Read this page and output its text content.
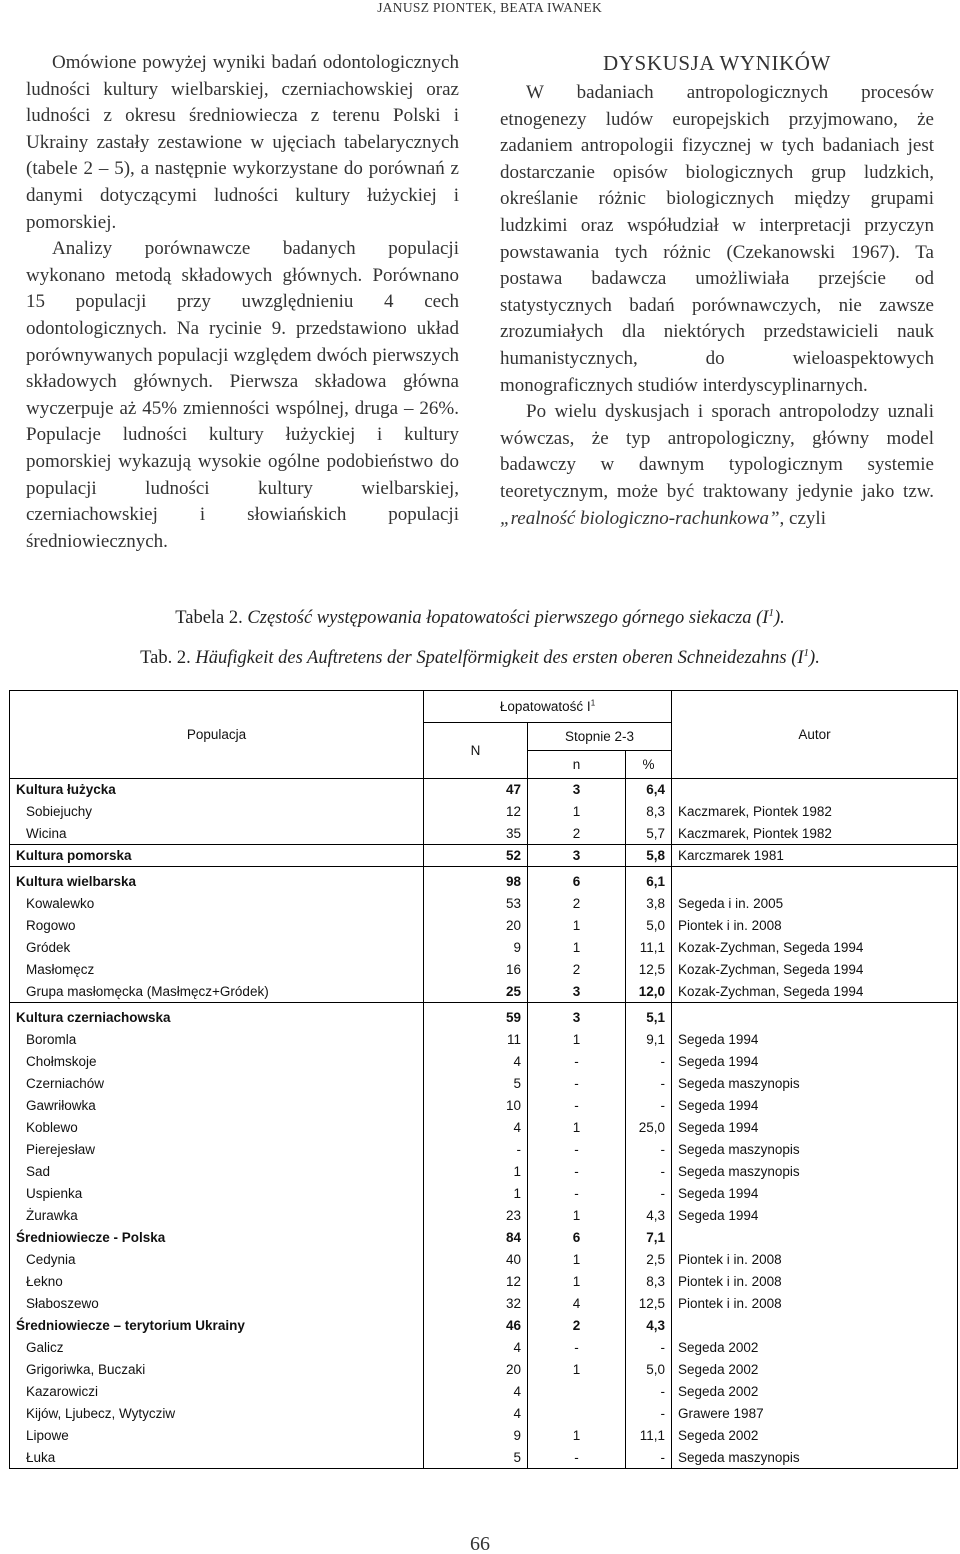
JANUSZ PIONTEK, BEATA IWANEK

Omówione powyżej wyniki badań odontologicznych ludności kultury wielbarskiej, czerniachowskiej oraz ludności z okresu średniowiecza z terenu Polski i Ukrainy zastały zestawione w ujęciach tabelarycznych (tabele 2 – 5), a następnie wykorzystane do porównań z danymi dotyczącymi ludności kultury łużyckiej i pomorskiej.

Analizy porównawcze badanych populacji wykonano metodą składowych głównych. Porównano 15 populacji przy uwzględnieniu 4 cech odontologicznych. Na rycinie 9. przedstawiono układ porównywanych populacji względem dwóch pierwszych składowych głównych. Pierwsza składowa główna wyczerpuje aż 45% zmienności wspólnej, druga – 26%. Populacje ludności kultury łużyckiej i kultury pomorskiej wykazują wysokie ogólne podobieństwo do populacji ludności kultury wielbarskiej, czerniachowskiej i słowiańskich populacji średniowiecznych.

DYSKUSJA WYNIKÓW

W badaniach antropologicznych procesów etnogenezy ludów europejskich przyjmowano, że zadaniem antropologii fizycznej w tych badaniach jest dostarczanie opisów biologicznych grup ludzkich, określanie różnic biologicznych między grupami ludzkimi oraz współudział w interpretacji przyczyn powstawania tych różnic (Czekanowski 1967). Ta postawa badawcza umożliwiała przejście od statystycznych badań porównawczych, nie zawsze zrozumiałych dla niektórych przedstawicieli nauk humanistycznych, do wieloaspektowych monograficznych studiów interdyscyplinarnych.

Po wielu dyskusjach i sporach antropolodzy uznali wówczas, że typ antropologiczny, główny model badawczy w dawnym typologicznym systemie teoretycznym, może być traktowany jedynie jako tzw. „realność biologiczno-rachunkowa”, czyli

Tabela 2. Częstość występowania łopatowatości pierwszego górnego siekacza $(I^1)$.
Tab. 2. Häufigkeit des Auftretens der Spatelförmigkeit des ersten oberen Schneidezahns $(I^1)$.
Populacja	Łopatowatość $I^1$			Autor
	N	Stopnie 2-3		
		n	%	
Kultura łużycka	47	3	6,4	
Sobiejuchy	12	1	8,3	Kaczmarek, Piontek 1982
Wicina	35	2	5,7	Kaczmarek, Piontek 1982
Kultura pomorska	52	3	5,8	Karczmarek 1981
Kultura wielbarska	98	6	6,1	
Kowalewko	53	2	3,8	Segeda i in. 2005
Rogowo	20	1	5,0	Piontek i in. 2008
Gródek	9	1	11,1	Kozak-Zychman, Segeda 1994
Masłomęcz	16	2	12,5	Kozak-Zychman, Segeda 1994
Grupa masłomęcka (Masłmęcz+Gródek)	25	3	12,0	Kozak-Zychman, Segeda 1994
Kultura czerniachowska	59	3	5,1	
Boromla	11	1	9,1	Segeda 1994
Chołmskoje	4	-	-	Segeda 1994
Czerniachów	5	-	-	Segeda maszynopis
Gawriłowka	10	-	-	Segeda 1994
Koblewo	4	1	25,0	Segeda 1994
Pierejesław	-	-	-	Segeda maszynopis
Sad	1	-	-	Segeda maszynopis
Uspienka	1	-	-	Segeda 1994
Żurawka	23	1	4,3	Segeda 1994
Średniowiecze - Polska	84	6	7,1	
Cedynia	40	1	2,5	Piontek i in. 2008
Łekno	12	1	8,3	Piontek i in. 2008
Słaboszewo	32	4	12,5	Piontek i in. 2008
Średniowiecze – terytorium Ukrainy	46	2	4,3	
Galicz	4	-	-	Segeda 2002
Grigoriwka, Buczaki	20	1	5,0	Segeda 2002
Kazarowiczi	4		-	Segeda 2002
Kijów, Ljubecz, Wytycziw	4		-	Grawere 1987
Lipowe	9	1	11,1	Segeda 2002
Łuka	5	-	-	Segeda maszynopis
66
